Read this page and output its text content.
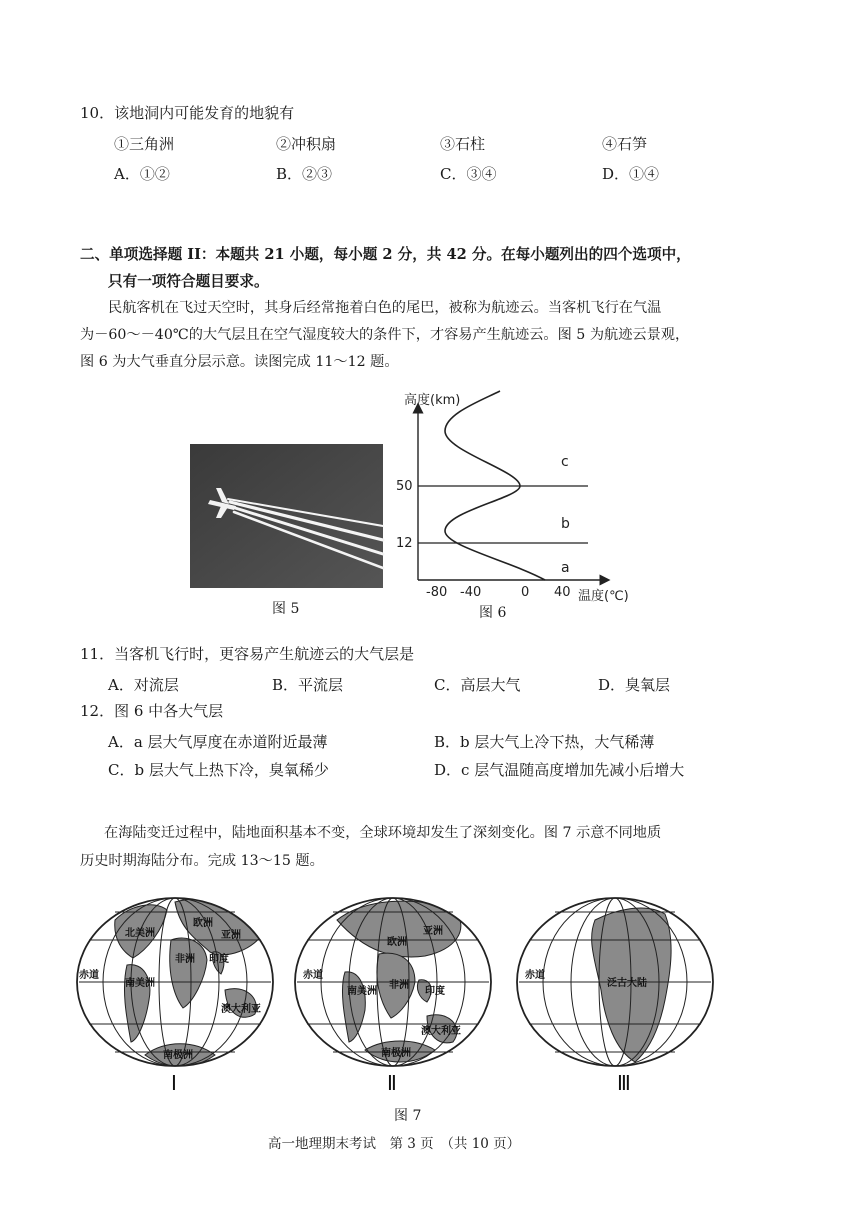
10．该地洞内可能发育的地貌有
①三角洲	②冲积扇	③石柱	④石笋
A．①②	B．②③	C．③④	D．①④
二、单项选择题 II：本题共 21 小题，每小题 2 分，共 42 分。在每小题列出的四个选项中，
只有一项符合题目要求。
民航客机在飞过天空时，其身后经常拖着白色的尾巴，被称为航迹云。当客机飞行在气温
为－60～－40℃的大气层且在空气湿度较大的条件下，才容易产生航迹云。图 5 为航迹云景观，
图 6 为大气垂直分层示意。读图完成 11～12 题。
图 5
高度(km)
12
50
-80 -40	0 40 温度(℃)
a
b
c
图 6
11．当客机飞行时，更容易产生航迹云的大气层是
A．对流层	B．平流层	C．高层大气	D．臭氧层
12．图 6 中各大气层
A．a 层大气厚度在赤道附近最薄	B．b 层大气上冷下热，大气稀薄
C．b 层大气上热下冷，臭氧稀少	D．c 层气温随高度增加先减小后增大
在海陆变迁过程中，陆地面积基本不变，全球环境却发生了深刻变化。图 7 示意不同地质
历史时期海陆分布。完成 13～15 题。
北美洲
欧洲
亚洲
非洲 印度
赤道
南美洲
澳大利亚
南极洲
Ⅰ
欧洲
亚洲
赤道
非洲
南美洲	印度
澳大利亚
南极洲
Ⅱ
赤道
泛古大陆
Ⅲ
图 7
高一地理期末考试　第 3 页　（共 10 页）
